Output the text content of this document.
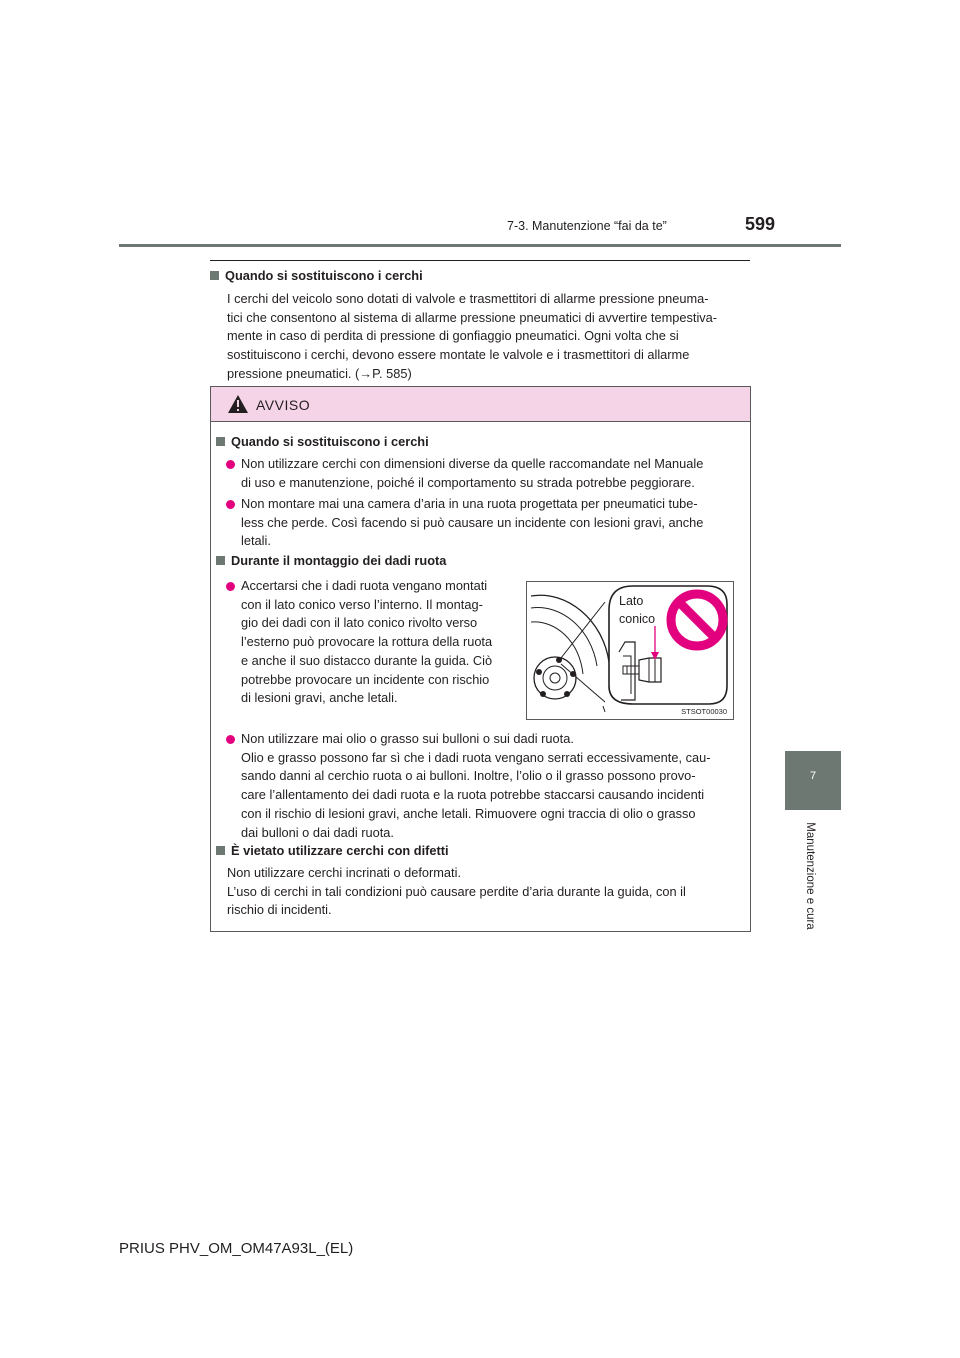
7-3. Manutenzione “fai da te”	599
7
Manutenzione e cura
Quando si sostituiscono i cerchi
I cerchi del veicolo sono dotati di valvole e trasmettitori di allarme pressione pneuma-
tici che consentono al sistema di allarme pressione pneumatici di avvertire tempestiva-
mente in caso di perdita di pressione di gonfiaggio pneumatici. Ogni volta che si
sostituiscono i cerchi, devono essere montate le valvole e i trasmettitori di allarme
pressione pneumatici. (→P. 585)
AVVISO
Quando si sostituiscono i cerchi
Non utilizzare cerchi con dimensioni diverse da quelle raccomandate nel Manuale
di uso e manutenzione, poiché il comportamento su strada potrebbe peggiorare.
Non montare mai una camera d’aria in una ruota progettata per pneumatici tube-
less che perde. Così facendo si può causare un incidente con lesioni gravi, anche
letali.
Durante il montaggio dei dadi ruota
Accertarsi che i dadi ruota vengano montati
con il lato conico verso l’interno. Il montag-
gio dei dadi con il lato conico rivolto verso
l’esterno può provocare la rottura della ruota
e anche il suo distacco durante la guida. Ciò
potrebbe provocare un incidente con rischio
di lesioni gravi, anche letali.
Lato
conico
STSOT00030
Non utilizzare mai olio o grasso sui bulloni o sui dadi ruota.
Olio e grasso possono far sì che i dadi ruota vengano serrati eccessivamente, cau-
sando danni al cerchio ruota o ai bulloni. Inoltre, l’olio o il grasso possono provo-
care l’allentamento dei dadi ruota e la ruota potrebbe staccarsi causando incidenti
con il rischio di lesioni gravi, anche letali. Rimuovere ogni traccia di olio o grasso
dai bulloni o dai dadi ruota.
È vietato utilizzare cerchi con difetti
Non utilizzare cerchi incrinati o deformati.
L’uso di cerchi in tali condizioni può causare perdite d’aria durante la guida, con il
rischio di incidenti.
PRIUS PHV_OM_OM47A93L_(EL)
